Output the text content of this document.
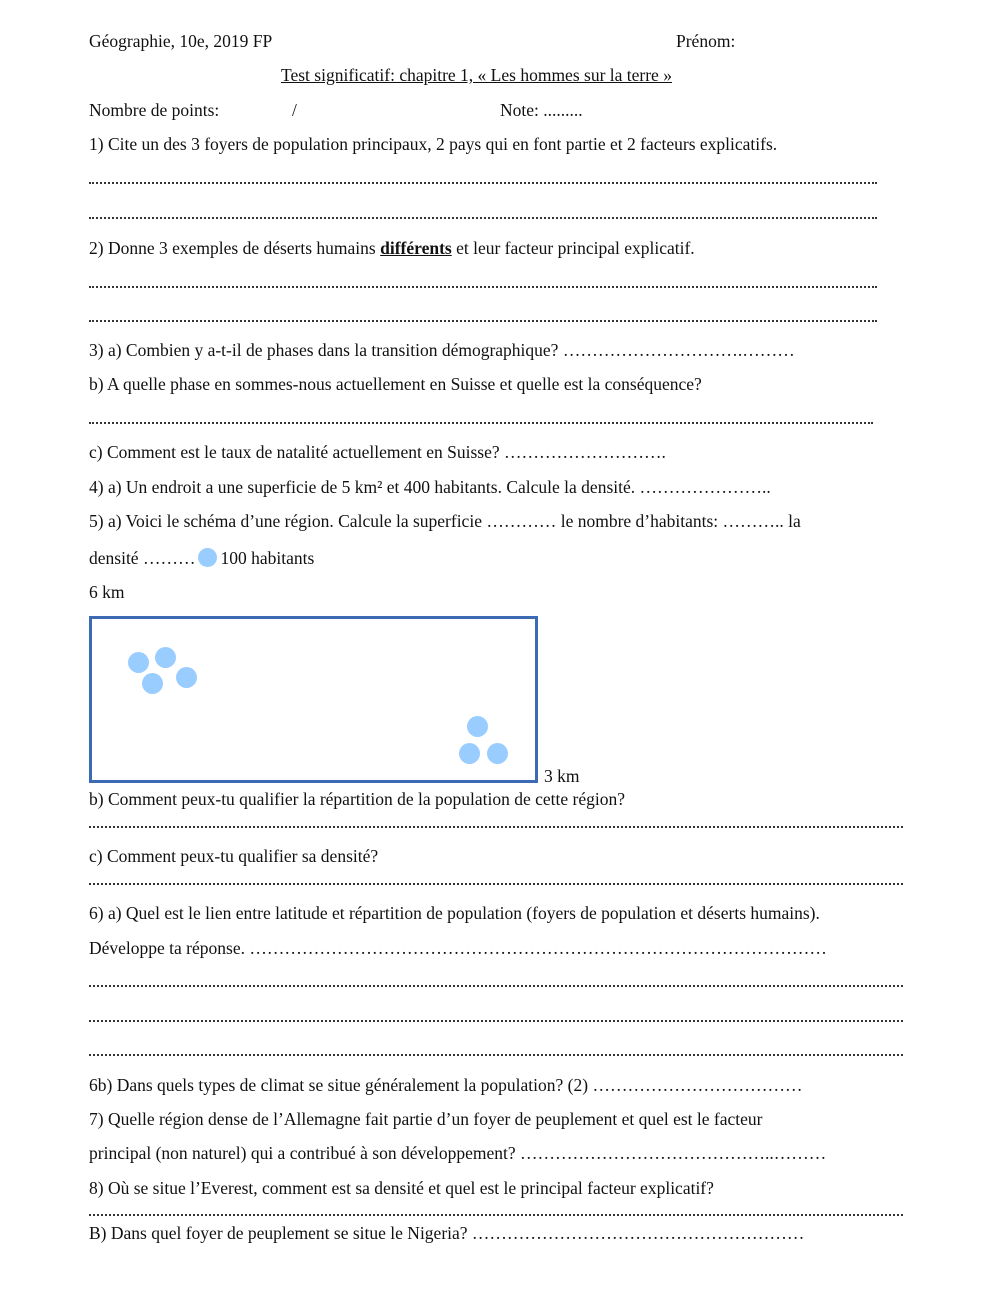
Géographie, 10e, 2019 FP	Prénom:
Test significatif: chapitre 1, « Les hommes sur la terre »
Nombre de points:	/	Note: .........
1) Cite un des 3 foyers de population principaux, 2 pays qui en font partie et 2 facteurs explicatifs.
2) Donne 3 exemples de déserts humains différents et leur facteur principal explicatif.
3) a) Combien y a-t-il de phases dans la transition démographique? ………………………….………
b) A quelle phase en sommes-nous actuellement en Suisse et quelle est la conséquence?
c) Comment est le taux de natalité actuellement en Suisse? ……………………….
4) a) Un endroit a une superficie de 5 km² et 400 habitants. Calcule la densité. …………………..
5) a) Voici le schéma d’une région. Calcule la superficie ………… le nombre d’habitants: ……….. la
densité ……… 100 habitants
6 km
3 km
b) Comment peux-tu qualifier la répartition de la population de cette région?
c) Comment peux-tu qualifier sa densité?
6) a) Quel est le lien entre latitude et répartition de population (foyers de population et déserts humains).
Développe ta réponse. ………………………………………………………………………………………
6b) Dans quels types de climat se situe généralement la population? (2) ………………………………
7) Quelle région dense de l’Allemagne fait partie d’un foyer de peuplement et quel est le facteur
principal (non naturel) qui a contribué à son développement? ……………………………………..………
8) Où se situe l’Everest, comment est sa densité et quel est le principal facteur explicatif?
B) Dans quel foyer de peuplement se situe le Nigeria? …………………………………………………
